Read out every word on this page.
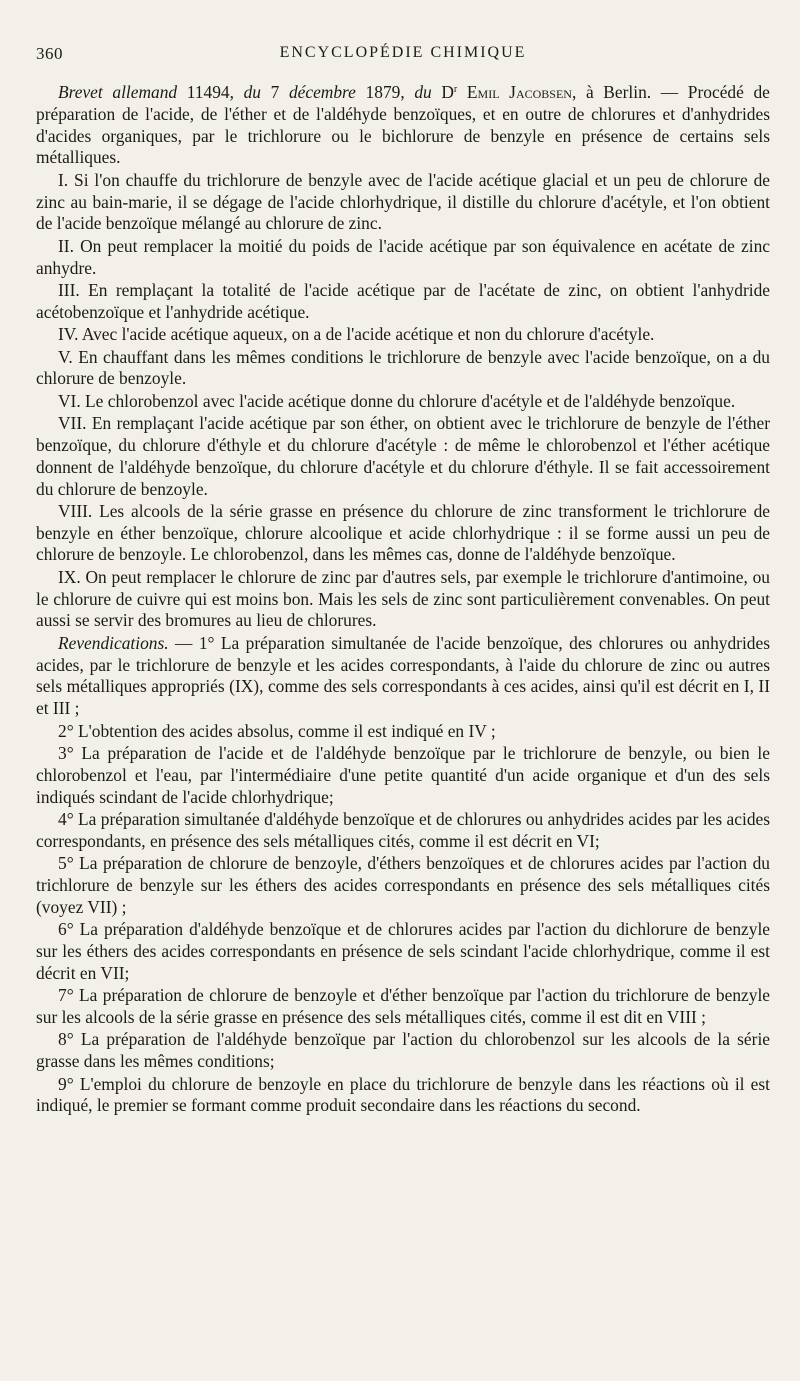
360	ENCYCLOPÉDIE CHIMIQUE

Brevet allemand 11494, du 7 décembre 1879, du $D^r$ Emil Jacobsen, à Berlin. — Procédé de préparation de l'acide, de l'éther et de l'aldéhyde benzoïques, et en outre de chlorures et d'anhydrides d'acides organiques, par le trichlorure ou le bichlorure de benzyle en présence de certains sels métalliques.

I. Si l'on chauffe du trichlorure de benzyle avec de l'acide acétique glacial et un peu de chlorure de zinc au bain-marie, il se dégage de l'acide chlorhydrique, il distille du chlorure d'acétyle, et l'on obtient de l'acide benzoïque mélangé au chlorure de zinc.

II. On peut remplacer la moitié du poids de l'acide acétique par son équivalence en acétate de zinc anhydre.

III. En remplaçant la totalité de l'acide acétique par de l'acétate de zinc, on obtient l'anhydride acétobenzoïque et l'anhydride acétique.

IV. Avec l'acide acétique aqueux, on a de l'acide acétique et non du chlorure d'acétyle.

V. En chauffant dans les mêmes conditions le trichlorure de benzyle avec l'acide benzoïque, on a du chlorure de benzoyle.

VI. Le chlorobenzol avec l'acide acétique donne du chlorure d'acétyle et de l'aldéhyde benzoïque.

VII. En remplaçant l'acide acétique par son éther, on obtient avec le trichlorure de benzyle de l'éther benzoïque, du chlorure d'éthyle et du chlorure d'acétyle : de même le chlorobenzol et l'éther acétique donnent de l'aldéhyde benzoïque, du chlorure d'acétyle et du chlorure d'éthyle. Il se fait accessoirement du chlorure de benzoyle.

VIII. Les alcools de la série grasse en présence du chlorure de zinc transforment le trichlorure de benzyle en éther benzoïque, chlorure alcoolique et acide chlorhydrique : il se forme aussi un peu de chlorure de benzoyle. Le chlorobenzol, dans les mêmes cas, donne de l'aldéhyde benzoïque.

IX. On peut remplacer le chlorure de zinc par d'autres sels, par exemple le trichlorure d'antimoine, ou le chlorure de cuivre qui est moins bon. Mais les sels de zinc sont particulièrement convenables. On peut aussi se servir des bromures au lieu de chlorures.

Revendications. — 1° La préparation simultanée de l'acide benzoïque, des chlorures ou anhydrides acides, par le trichlorure de benzyle et les acides correspondants, à l'aide du chlorure de zinc ou autres sels métalliques appropriés (IX), comme des sels correspondants à ces acides, ainsi qu'il est décrit en I, II et III ;

2° L'obtention des acides absolus, comme il est indiqué en IV ;

3° La préparation de l'acide et de l'aldéhyde benzoïque par le trichlorure de benzyle, ou bien le chlorobenzol et l'eau, par l'intermédiaire d'une petite quantité d'un acide organique et d'un des sels indiqués scindant de l'acide chlorhydrique;

4° La préparation simultanée d'aldéhyde benzoïque et de chlorures ou anhydrides acides par les acides correspondants, en présence des sels métalliques cités, comme il est décrit en VI;

5° La préparation de chlorure de benzoyle, d'éthers benzoïques et de chlorures acides par l'action du trichlorure de benzyle sur les éthers des acides correspondants en présence des sels métalliques cités (voyez VII) ;

6° La préparation d'aldéhyde benzoïque et de chlorures acides par l'action du dichlorure de benzyle sur les éthers des acides correspondants en présence de sels scindant l'acide chlorhydrique, comme il est décrit en VII;

7° La préparation de chlorure de benzoyle et d'éther benzoïque par l'action du trichlorure de benzyle sur les alcools de la série grasse en présence des sels métalliques cités, comme il est dit en VIII ;

8° La préparation de l'aldéhyde benzoïque par l'action du chlorobenzol sur les alcools de la série grasse dans les mêmes conditions;

9° L'emploi du chlorure de benzoyle en place du trichlorure de benzyle dans les réactions où il est indiqué, le premier se formant comme produit secondaire dans les réactions du second.
